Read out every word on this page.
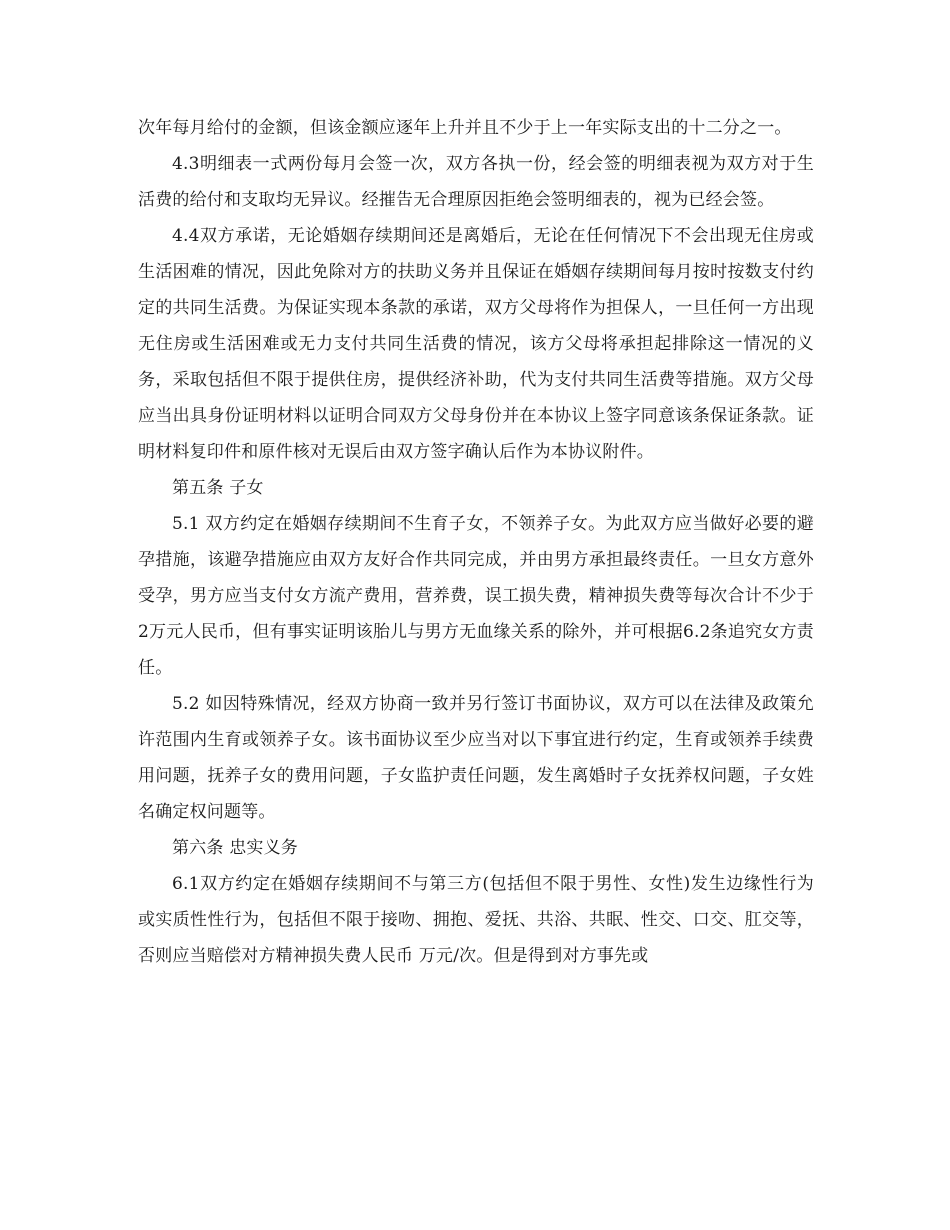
次年每月给付的金额，但该金额应逐年上升并且不少于上一年实际支出的十二分之一。

4.3明细表一式两份每月会签一次，双方各执一份，经会签的明细表视为双方对于生活费的给付和支取均无异议。经摧告无合理原因拒绝会签明细表的，视为已经会签。

4.4双方承诺，无论婚姻存续期间还是离婚后，无论在任何情况下不会出现无住房或生活困难的情况，因此免除对方的扶助义务并且保证在婚姻存续期间每月按时按数支付约定的共同生活费。为保证实现本条款的承诺，双方父母将作为担保人，一旦任何一方出现无住房或生活困难或无力支付共同生活费的情况，该方父母将承担起排除这一情况的义务，采取包括但不限于提供住房，提供经济补助，代为支付共同生活费等措施。双方父母应当出具身份证明材料以证明合同双方父母身份并在本协议上签字同意该条保证条款。证明材料复印件和原件核对无误后由双方签字确认后作为本协议附件。

第五条 子女

5.1 双方约定在婚姻存续期间不生育子女，不领养子女。为此双方应当做好必要的避孕措施，该避孕措施应由双方友好合作共同完成，并由男方承担最终责任。一旦女方意外受孕，男方应当支付女方流产费用，营养费，误工损失费，精神损失费等每次合计不少于2万元人民币，但有事实证明该胎儿与男方无血缘关系的除外，并可根据6.2条追究女方责任。

5.2 如因特殊情况，经双方协商一致并另行签订书面协议，双方可以在法律及政策允许范围内生育或领养子女。该书面协议至少应当对以下事宜进行约定，生育或领养手续费用问题，抚养子女的费用问题，子女监护责任问题，发生离婚时子女抚养权问题，子女姓名确定权问题等。

第六条 忠实义务

6.1双方约定在婚姻存续期间不与第三方(包括但不限于男性、女性)发生边缘性行为或实质性性行为，包括但不限于接吻、拥抱、爱抚、共浴、共眠、性交、口交、肛交等，否则应当赔偿对方精神损失费人民币 万元/次。但是得到对方事先或
